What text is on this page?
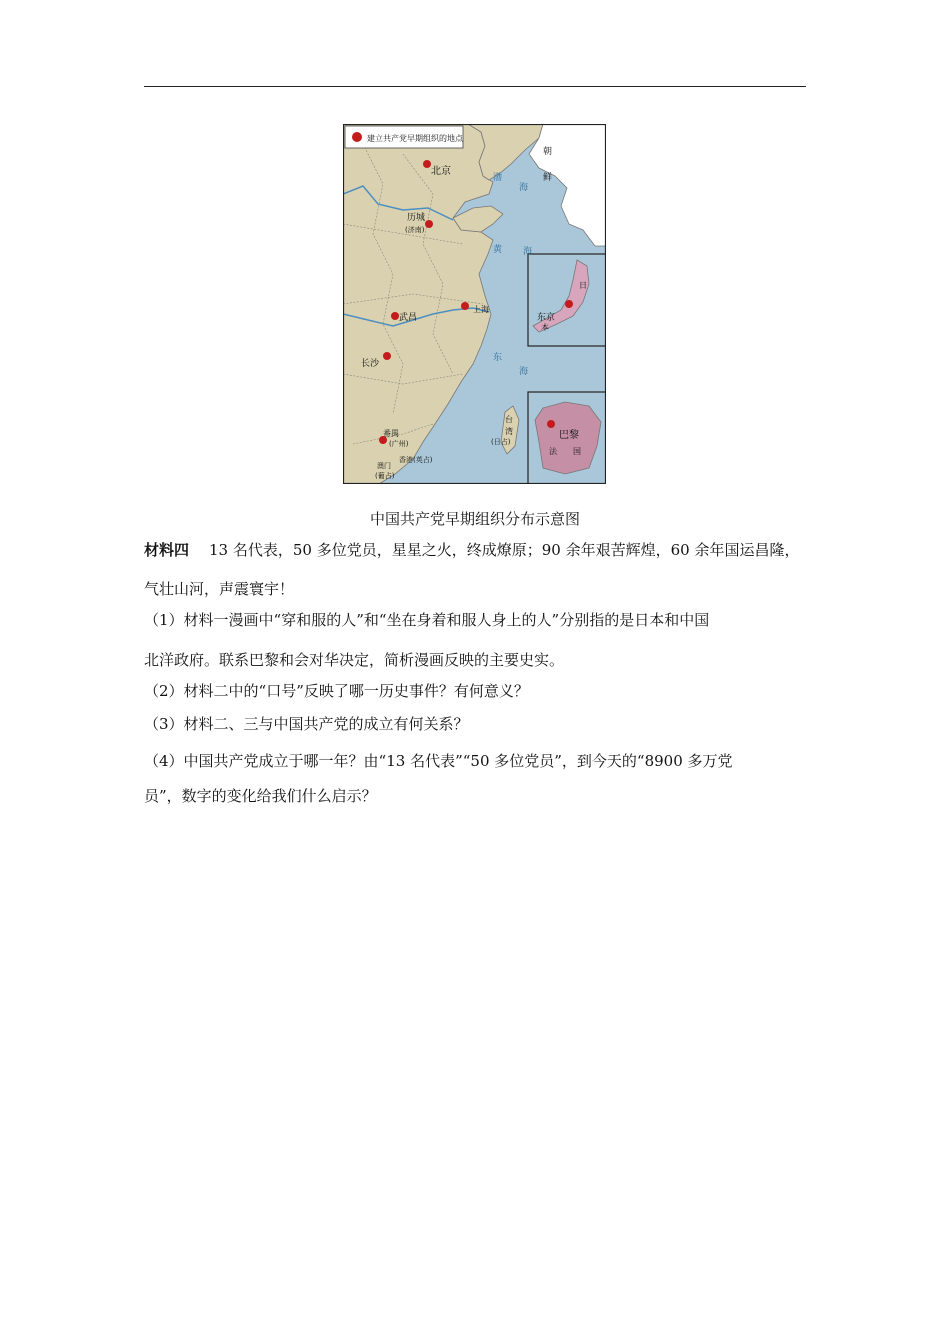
建立共产党早期组织的地点
北京
历城
(济南)
上海
武昌
长沙
番禺
(广州)
香港(英占)
澳门
(葡占)
东京
巴黎
朝
鲜
日
本
法 国
台
湾
(日占)
渤
海
黄 海
东
海
中国共产党早期组织分布示意图
材料四 13 名代表，50 多位党员，星星之火，终成燎原；90 余年艰苦辉煌，60 余年国运昌隆，
气壮山河，声震寰宇！
（1）材料一漫画中“穿和服的人”和“坐在身着和服人身上的人”分别指的是日本和中国
北洋政府。联系巴黎和会对华决定，简析漫画反映的主要史实。
（2）材料二中的“口号”反映了哪一历史事件？有何意义？
（3）材料二、三与中国共产党的成立有何关系？
（4）中国共产党成立于哪一年？由“13 名代表”“50 多位党员”，到今天的“8900 多万党
员”，数字的变化给我们什么启示？
